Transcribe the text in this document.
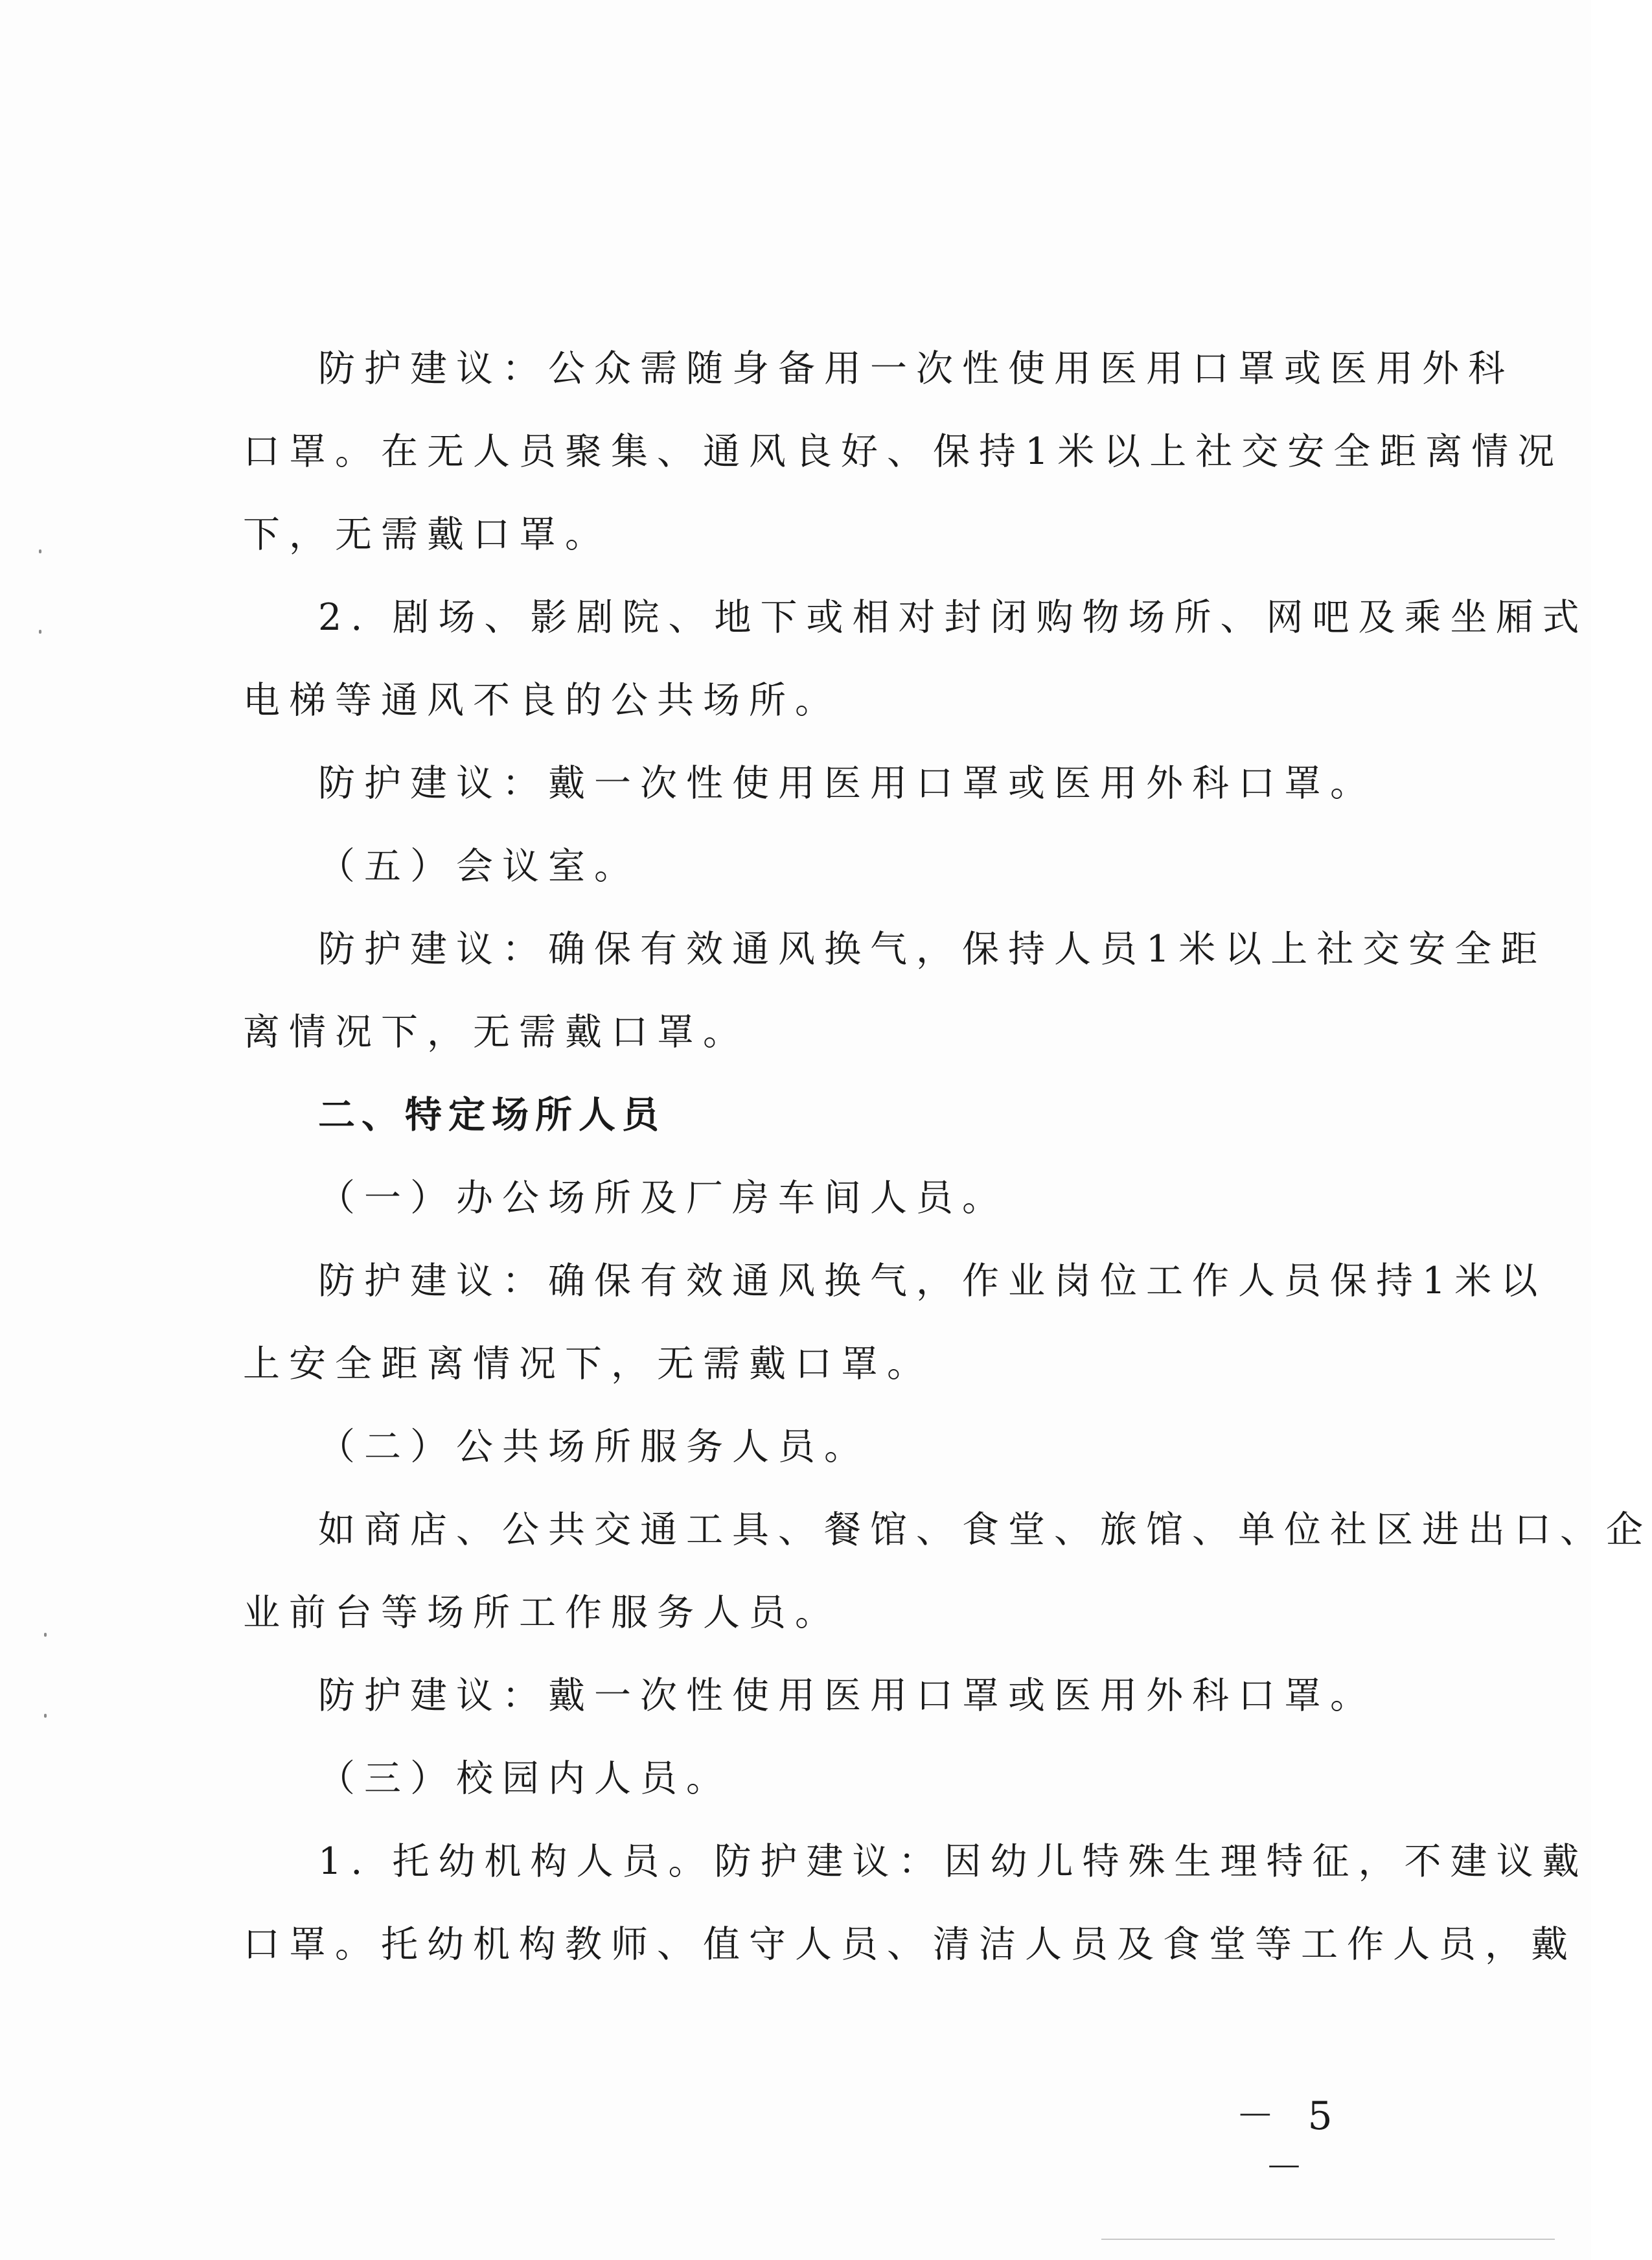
防护建议：公众需随身备用一次性使用医用口罩或医用外科
口罩。在无人员聚集、通风良好、保持1米以上社交安全距离情况
下，无需戴口罩。
2. 剧场、影剧院、地下或相对封闭购物场所、网吧及乘坐厢式
电梯等通风不良的公共场所。
防护建议：戴一次性使用医用口罩或医用外科口罩。
（五）会议室。
防护建议：确保有效通风换气，保持人员1米以上社交安全距
离情况下，无需戴口罩。
二、特定场所人员
（一）办公场所及厂房车间人员。
防护建议：确保有效通风换气，作业岗位工作人员保持1米以
上安全距离情况下，无需戴口罩。
（二）公共场所服务人员。
如商店、公共交通工具、餐馆、食堂、旅馆、单位社区进出口、企
业前台等场所工作服务人员。
防护建议：戴一次性使用医用口罩或医用外科口罩。
（三）校园内人员。
1. 托幼机构人员。防护建议：因幼儿特殊生理特征，不建议戴
口罩。托幼机构教师、值守人员、清洁人员及食堂等工作人员，戴
－ 5 －
